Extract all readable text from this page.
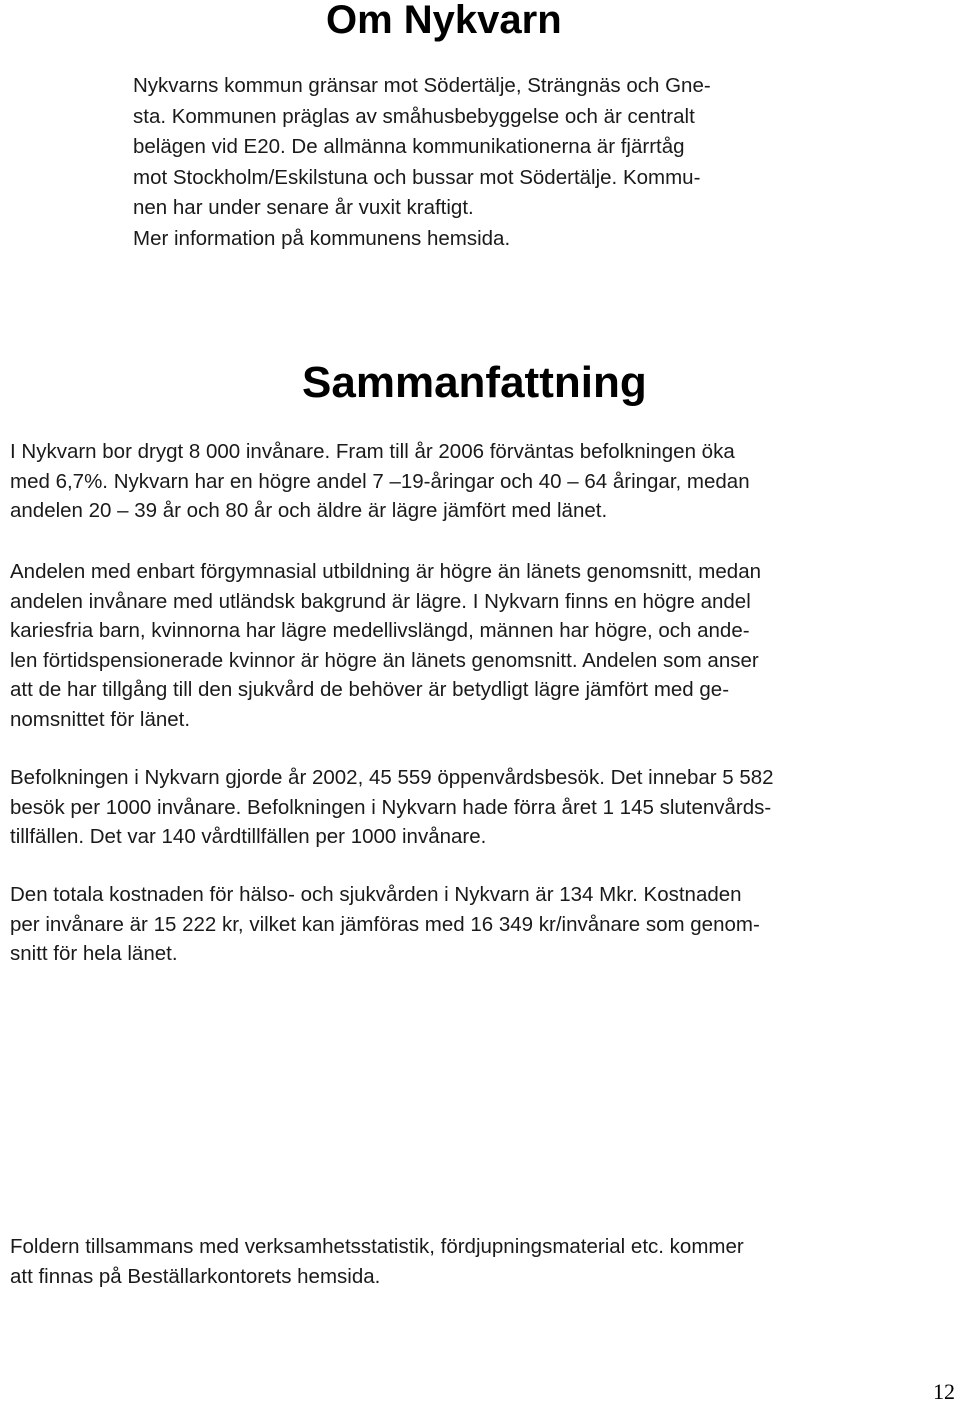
Om Nykvarn

Nykvarns kommun gränsar mot Södertälje, Strängnäs och Gne-
sta. Kommunen präglas av småhusbebyggelse och är centralt
belägen vid E20. De allmänna kommunikationerna är fjärrtåg
mot Stockholm/Eskilstuna och bussar mot Södertälje. Kommu-
nen har under senare år vuxit kraftigt.
Mer information på kommunens hemsida.

Sammanfattning

I Nykvarn bor drygt 8 000 invånare. Fram till år 2006 förväntas befolkningen öka
med 6,7%. Nykvarn har en högre andel 7 –19-åringar och 40 – 64 åringar, medan
andelen 20 – 39 år och 80 år och äldre är lägre jämfört med länet.

Andelen med enbart förgymnasial utbildning är högre än länets genomsnitt, medan
andelen invånare med utländsk bakgrund är lägre. I Nykvarn finns en högre andel
kariesfria barn, kvinnorna har lägre medellivslängd, männen har högre, och ande-
len förtidspensionerade kvinnor är högre än länets genomsnitt. Andelen som anser
att de har tillgång till den sjukvård de behöver är betydligt lägre jämfört med ge-
nomsnittet för länet.

Befolkningen i Nykvarn gjorde år 2002, 45 559 öppenvårdsbesök. Det innebar 5 582
besök per 1000 invånare. Befolkningen i Nykvarn hade förra året 1 145 slutenvårds-
tillfällen. Det var 140 vårdtillfällen per 1000 invånare.

Den totala kostnaden för hälso- och sjukvården i Nykvarn är 134 Mkr. Kostnaden
per invånare är 15 222 kr, vilket kan jämföras med 16 349 kr/invånare som genom-
snitt för hela länet.

Foldern tillsammans med verksamhetsstatistik, fördjupningsmaterial etc. kommer
att finnas på Beställarkontorets hemsida.

12
